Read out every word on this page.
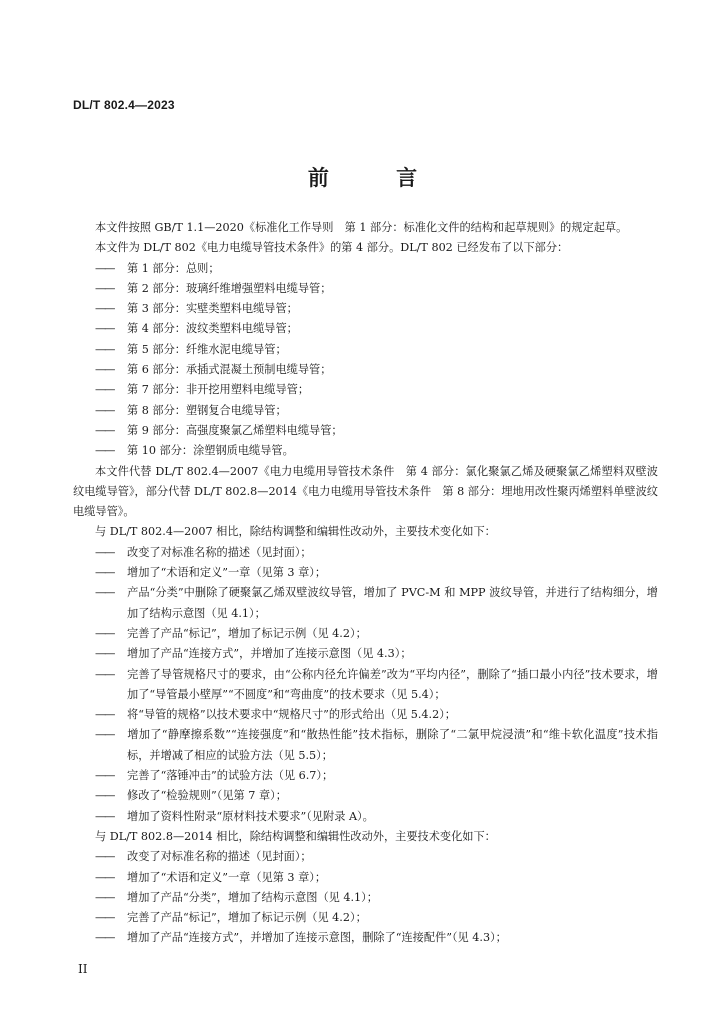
DL/T 802.4—2023
前 言

本文件按照 GB/T 1.1—2020《标准化工作导则　第 1 部分：标准化文件的结构和起草规则》的规定起草。

本文件为 DL/T 802《电力电缆导管技术条件》的第 4 部分。DL/T 802 已经发布了以下部分：

—— 第 1 部分：总则；

—— 第 2 部分：玻璃纤维增强塑料电缆导管；

—— 第 3 部分：实壁类塑料电缆导管；

—— 第 4 部分：波纹类塑料电缆导管；

—— 第 5 部分：纤维水泥电缆导管；

—— 第 6 部分：承插式混凝土预制电缆导管；

—— 第 7 部分：非开挖用塑料电缆导管；

—— 第 8 部分：塑钢复合电缆导管；

—— 第 9 部分：高强度聚氯乙烯塑料电缆导管；

—— 第 10 部分：涂塑钢质电缆导管。

本文件代替 DL/T 802.4—2007《电力电缆用导管技术条件　第 4 部分：氯化聚氯乙烯及硬聚氯乙烯塑料双壁波纹电缆导管》，部分代替 DL/T 802.8—2014《电力电缆用导管技术条件　第 8 部分：埋地用改性聚丙烯塑料单壁波纹电缆导管》。

与 DL/T 802.4—2007 相比，除结构调整和编辑性改动外，主要技术变化如下：

—— 改变了对标准名称的描述（见封面）；

—— 增加了“术语和定义”一章（见第 3 章）；

—— 产品“分类”中删除了硬聚氯乙烯双壁波纹导管，增加了 PVC-M 和 MPP 波纹导管，并进行了结构细分，增加了结构示意图（见 4.1）；

—— 完善了产品“标记”，增加了标记示例（见 4.2）；

—— 增加了产品“连接方式”，并增加了连接示意图（见 4.3）；

—— 完善了导管规格尺寸的要求，由“公称内径允许偏差”改为“平均内径”，删除了“插口最小内径”技术要求，增加了“导管最小壁厚”“不圆度”和“弯曲度”的技术要求（见 5.4）；

—— 将“导管的规格”以技术要求中“规格尺寸”的形式给出（见 5.4.2）；

—— 增加了“静摩擦系数”“连接强度”和“散热性能”技术指标，删除了“二氯甲烷浸渍”和“维卡软化温度”技术指标，并增减了相应的试验方法（见 5.5）；

—— 完善了“落锤冲击”的试验方法（见 6.7）；

—— 修改了“检验规则”（见第 7 章）；

—— 增加了资料性附录“原材料技术要求”（见附录 A）。

与 DL/T 802.8—2014 相比，除结构调整和编辑性改动外，主要技术变化如下：

—— 改变了对标准名称的描述（见封面）；

—— 增加了“术语和定义”一章（见第 3 章）；

—— 增加了产品“分类”，增加了结构示意图（见 4.1）；

—— 完善了产品“标记”，增加了标记示例（见 4.2）；

—— 增加了产品“连接方式”，并增加了连接示意图，删除了“连接配件”（见 4.3）；

II
